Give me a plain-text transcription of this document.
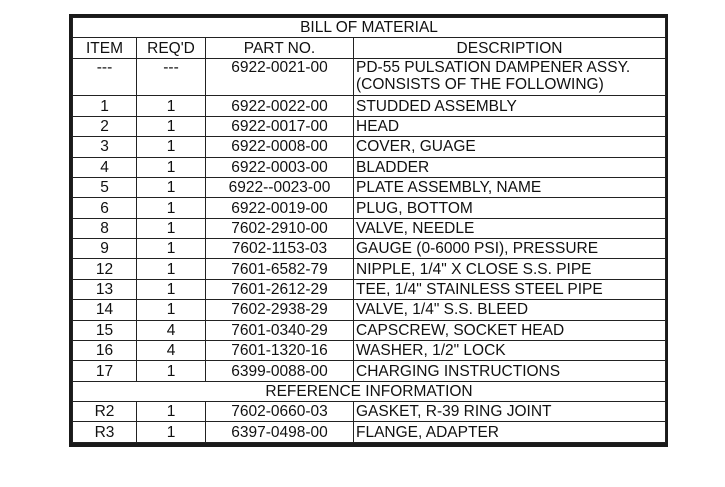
BILL OF MATERIAL			
ITEM	REQ'D	PART NO.	DESCRIPTION
---	---	6922-0021-00	PD-55 PULSATION DAMPENER ASSY.
(CONSISTS OF THE FOLLOWING)

1	1	6922-0022-00	STUDDED ASSEMBLY
2	1	6922-0017-00	HEAD
3	1	6922-0008-00	COVER, GUAGE
4	1	6922-0003-00	BLADDER
5	1	6922--0023-00	PLATE ASSEMBLY, NAME
6	1	6922-0019-00	PLUG, BOTTOM
8	1	7602-2910-00	VALVE, NEEDLE
9	1	7602-1153-03	GAUGE (0-6000 PSI), PRESSURE
12	1	7601-6582-79	NIPPLE, 1/4" X CLOSE S.S. PIPE
13	1	7601-2612-29	TEE, 1/4" STAINLESS STEEL PIPE
14	1	7602-2938-29	VALVE, 1/4" S.S. BLEED
15	4	7601-0340-29	CAPSCREW, SOCKET HEAD
16	4	7601-1320-16	WASHER, 1/2" LOCK
17	1	6399-0088-00	CHARGING INSTRUCTIONS
REFERENCE INFORMATION			
R2	1	7602-0660-03	GASKET, R-39 RING JOINT
R3	1	6397-0498-00	FLANGE, ADAPTER
